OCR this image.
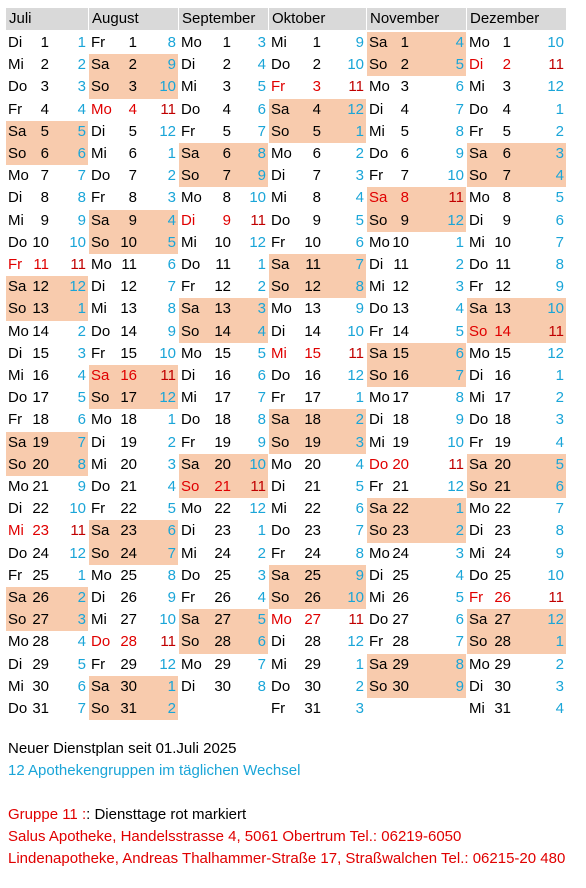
Juli
Di 1 1
Mi 2 2
Do 3 3
Fr 4 4
Sa 5 5
So 6 6
Mo 7 7
Di 8 8
Mi 9 9
Do 10 10
Fr 11 11
Sa 12 12
So 13 1
Mo 14 2
Di 15 3
Mi 16 4
Do 17 5
Fr 18 6
Sa 19 7
So 20 8
Mo 21 9
Di 22 10
Mi 23 11
Do 24 12
Fr 25 1
Sa 26 2
So 27 3
Mo 28 4
Di 29 5
Mi 30 6
Do 31 7
August
Fr 1 8
Sa 2 9
So 3 10
Mo 4 11
Di 5 12
Mi 6 1
Do 7 2
Fr 8 3
Sa 9 4
So 10 5
Mo 11 6
Di 12 7
Mi 13 8
Do 14 9
Fr 15 10
Sa 16 11
So 17 12
Mo 18 1
Di 19 2
Mi 20 3
Do 21 4
Fr 22 5
Sa 23 6
So 24 7
Mo 25 8
Di 26 9
Mi 27 10
Do 28 11
Fr 29 12
Sa 30 1
So 31 2
September
Mo 1 3
Di 2 4
Mi 3 5
Do 4 6
Fr 5 7
Sa 6 8
So 7 9
Mo 8 10
Di 9 11
Mi 10 12
Do 11 1
Fr 12 2
Sa 13 3
So 14 4
Mo 15 5
Di 16 6
Mi 17 7
Do 18 8
Fr 19 9
Sa 20 10
So 21 11
Mo 22 12
Di 23 1
Mi 24 2
Do 25 3
Fr 26 4
Sa 27 5
So 28 6
Mo 29 7
Di 30 8
Oktober
Mi 1 9
Do 2 10
Fr 3 11
Sa 4 12
So 5 1
Mo 6 2
Di 7 3
Mi 8 4
Do 9 5
Fr 10 6
Sa 11 7
So 12 8
Mo 13 9
Di 14 10
Mi 15 11
Do 16 12
Fr 17 1
Sa 18 2
So 19 3
Mo 20 4
Di 21 5
Mi 22 6
Do 23 7
Fr 24 8
Sa 25 9
So 26 10
Mo 27 11
Di 28 12
Mi 29 1
Do 30 2
Fr 31 3
November
Sa 1	4
So 2	5
Mo 3	6
Di 4	7
Mi 5	8
Do 6	9
Fr 7	10
Sa 8	11
So 9	12
Mo 10	1
Di 11	2
Mi 12	3
Do 13	4
Fr 14	5
Sa 15	6
So 16	7
Mo 17	8
Di 18	9
Mi 19	10
Do 20	11
Fr 21	12
Sa 22	1
So 23	2
Mo 24	3
Di 25	4
Mi 26	5
Do 27	6
Fr 28	7
Sa 29	8
So 30	9
Dezember
Mo 1 10
Di 2 11
Mi 3 12
Do 4	1
Fr 5	2
Sa 6	3
So 7	4
Mo 8	5
Di 9	6
Mi 10	7
Do 11	8
Fr 12	9
Sa 13 10
So 14 11
Mo 15 12
Di 16	1
Mi 17	2
Do 18	3
Fr 19	4
Sa 20	5
So 21	6
Mo 22	7
Di 23	8
Mi 24	9
Do 25 10
Fr 26 11
Sa 27 12
So 28	1
Mo 29	2
Di 30	3
Mi 31	4
Neuer Dienstplan seit 01.Juli 2025
12 Apothekengruppen im täglichen Wechsel
Gruppe 11 :: Diensttage rot markiert
Salus Apotheke, Handelsstrasse 4, 5061 Obertrum Tel.: 06219-6050
Lindenapotheke, Andreas Thalhammer-Straße 17, Straßwalchen Tel.: 06215-20 480
